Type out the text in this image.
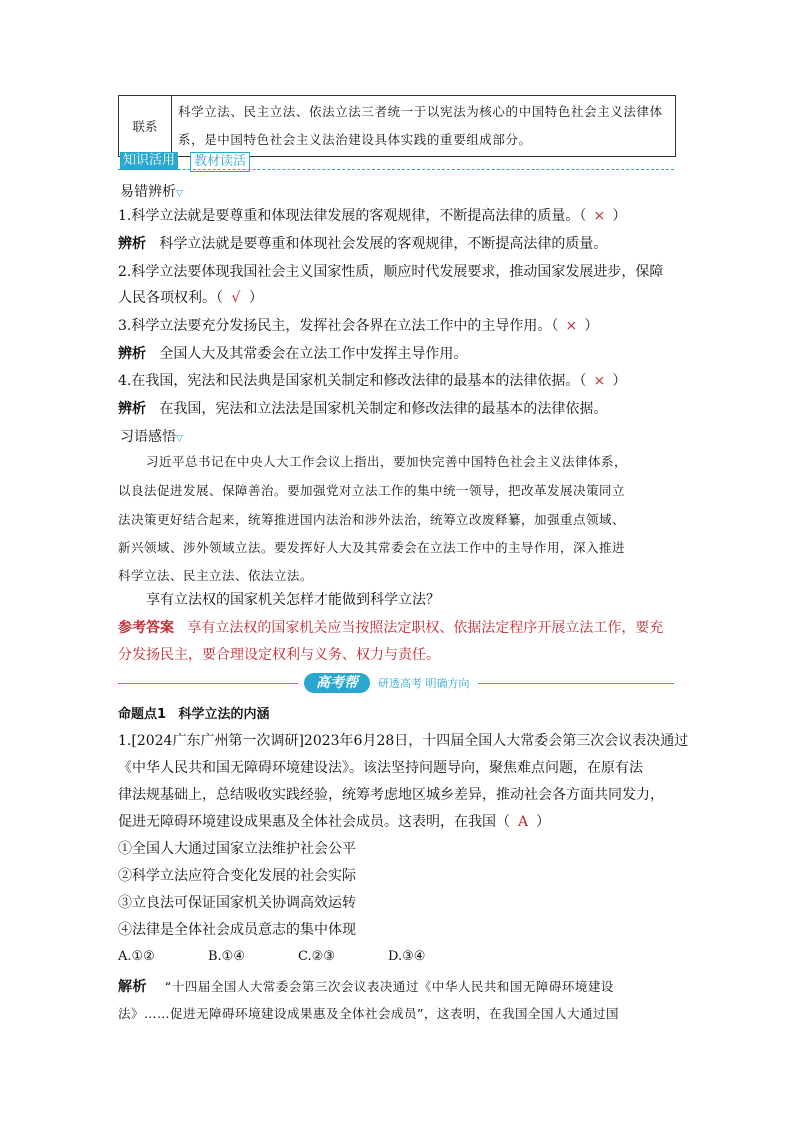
联系	科学立法、民主立法、依法立法三者统一于以宪法为核心的中国特色社会主义法律体系，是中国特色社会主义法治建设具体实践的重要组成部分。
知识活用	教材读活
易错辨析▽
1.科学立法就是要尊重和体现法律发展的客观规律，不断提高法律的质量。（ × ）
辨析 科学立法就是要尊重和体现社会发展的客观规律，不断提高法律的质量。
2.科学立法要体现我国社会主义国家性质，顺应时代发展要求，推动国家发展进步，保障
人民各项权利。（ √ ）
3.科学立法要充分发扬民主，发挥社会各界在立法工作中的主导作用。（ × ）
辨析 全国人大及其常委会在立法工作中发挥主导作用。
4.在我国，宪法和民法典是国家机关制定和修改法律的最基本的法律依据。（ × ）
辨析 在我国，宪法和立法法是国家机关制定和修改法律的最基本的法律依据。
习语感悟▽
习近平总书记在中央人大工作会议上指出，要加快完善中国特色社会主义法律体系，
以良法促进发展、保障善治。要加强党对立法工作的集中统一领导，把改革发展决策同立
法决策更好结合起来，统筹推进国内法治和涉外法治，统筹立改废释纂，加强重点领域、
新兴领域、涉外领域立法。要发挥好人大及其常委会在立法工作中的主导作用，深入推进
科学立法、民主立法、依法立法。
享有立法权的国家机关怎样才能做到科学立法？
参考答案 享有立法权的国家机关应当按照法定职权、依据法定程序开展立法工作，要充
分发扬民主，要合理设定权利与义务、权力与责任。
高考帮	研透高考 明确方向
命题点1 科学立法的内涵
1.[2024广东广州第一次调研]2023年6月28日，十四届全国人大常委会第三次会议表决通过
《中华人民共和国无障碍环境建设法》。该法坚持问题导向，聚焦难点问题，在原有法
律法规基础上，总结吸收实践经验，统筹考虑地区城乡差异，推动社会各方面共同发力，
促进无障碍环境建设成果惠及全体社会成员。这表明，在我国（ A ）
①全国人大通过国家立法维护社会公平
②科学立法应符合变化发展的社会实际
③立良法可保证国家机关协调高效运转
④法律是全体社会成员意志的集中体现
A.①②	B.①④	C.②③	D.③④
解析 “十四届全国人大常委会第三次会议表决通过《中华人民共和国无障碍环境建设
法》……促进无障碍环境建设成果惠及全体社会成员”，这表明，在我国全国人大通过国
